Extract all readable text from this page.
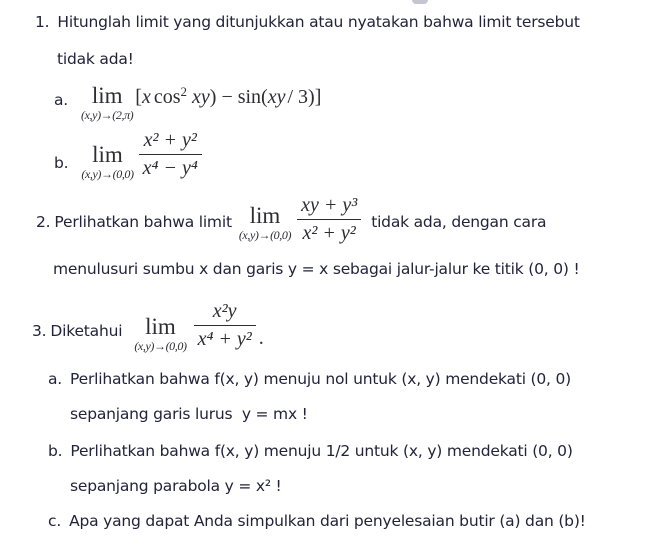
1. Hitunglah limit yang ditunjukkan atau nyatakan bahwa limit tersebut
tidak ada!
a. lim
(x,y)→(2,π)
[x $\cos^2 xy) - \sin(xy / 3)$]
b. lim
$(x,y)\to(0,0) \frac{\text{x² + y²}}{\text{x⁴ − y⁴}}$
2. Perlihatkan bahwa limit lim
$(x,y)\to(0,0) \frac{\text{xy + y³}}{\text{x² + y²}}$ tidak ada, dengan cara
menulusuri sumbu x dan garis y = x sebagai jalur-jalur ke titik (0, 0) !
3. Diketahui lim
$(x,y)\to(0,0) \frac{\text{x²y}}{\text{x⁴ + y²}}$ .
a. Perlihatkan bahwa f(x, y) menuju nol untuk (x, y) mendekati (0, 0)
sepanjang garis lurus  y = mx !
b. Perlihatkan bahwa f(x, y) menuju 1/2 untuk (x, y) mendekati (0, 0)
sepanjang parabola y = x² !
c. Apa yang dapat Anda simpulkan dari penyelesaian butir (a) dan (b)!
